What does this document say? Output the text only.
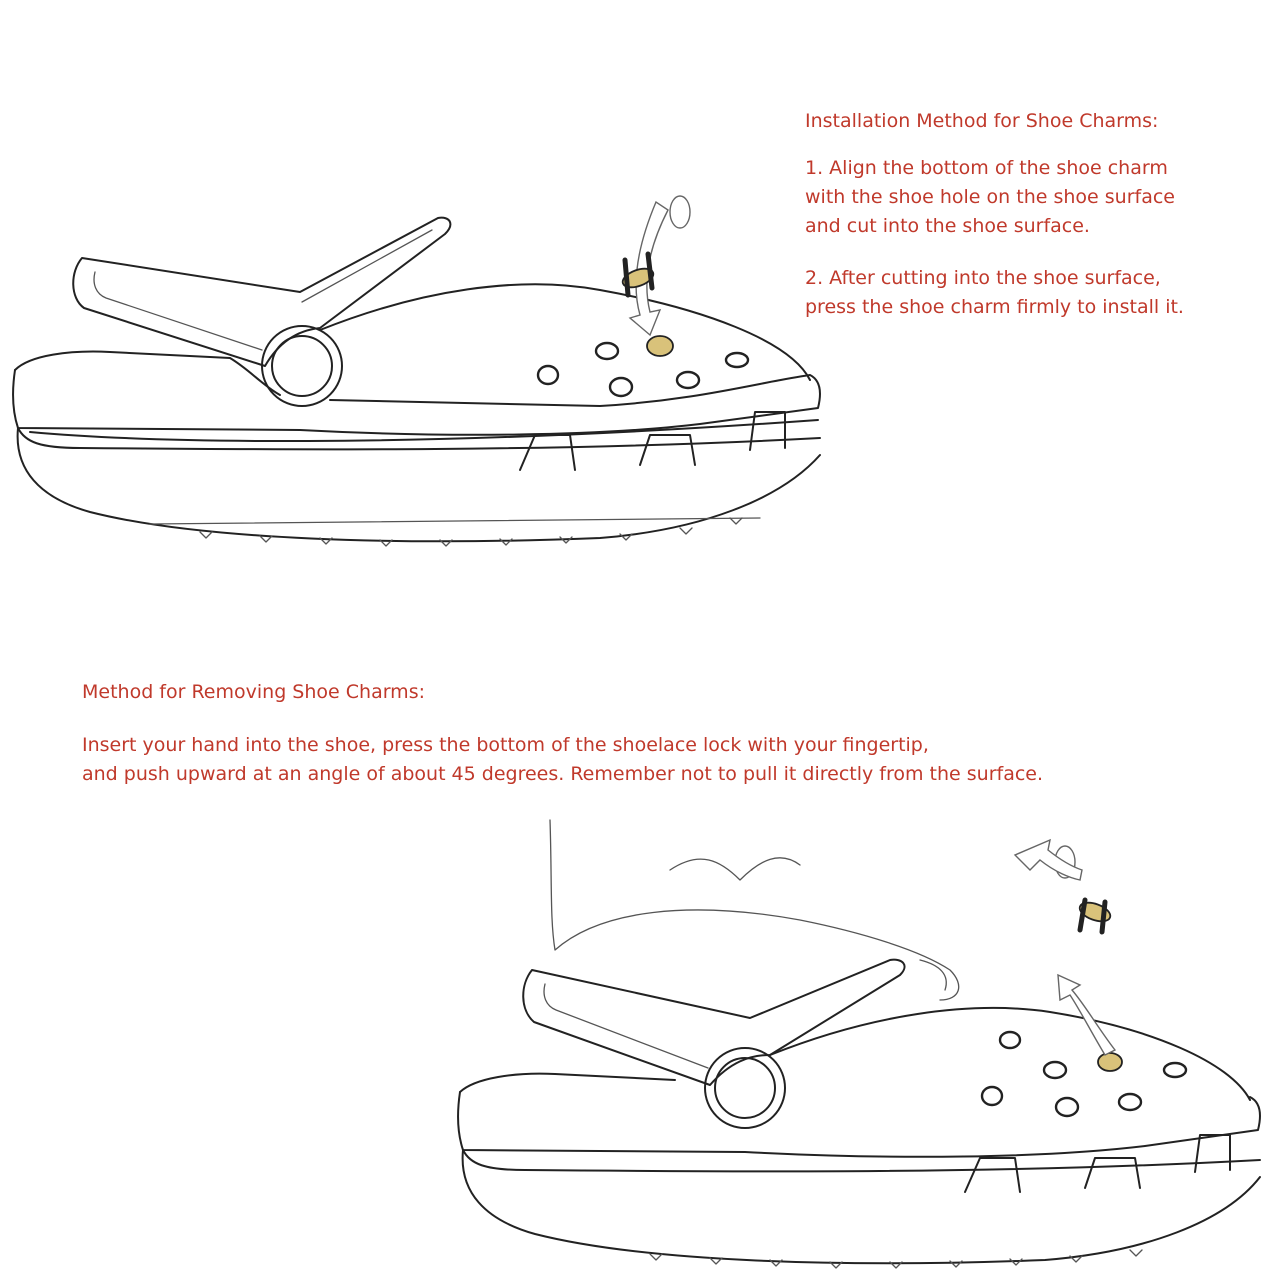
Installation Method for Shoe Charms:

1. Align the bottom of the shoe charm
with the shoe hole on the shoe surface
and cut into the shoe surface.
2. After cutting into the shoe surface,
press the shoe charm firmly to install it.

Method for Removing Shoe Charms:

Insert your hand into the shoe, press the bottom of the shoelace lock with your fingertip,
and push upward at an angle of about 45 degrees. Remember not to pull it directly from the surface.
